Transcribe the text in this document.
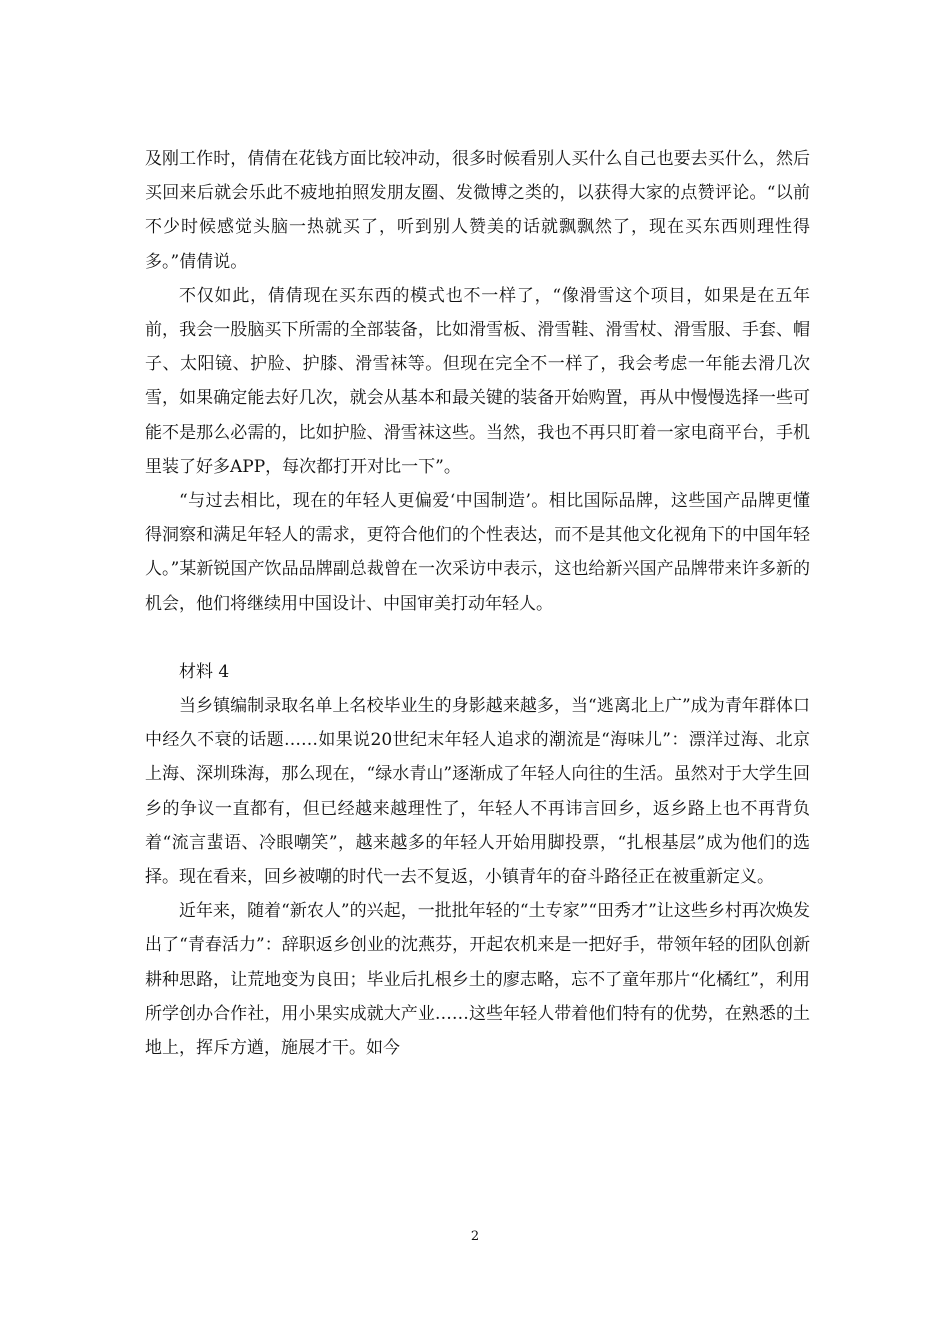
及刚工作时，倩倩在花钱方面比较冲动，很多时候看别人买什么自己也要去买什么，然后买回来后就会乐此不疲地拍照发朋友圈、发微博之类的，以获得大家的点赞评论。“以前不少时候感觉头脑一热就买了，听到别人赞美的话就飘飘然了，现在买东西则理性得多。”倩倩说。

不仅如此，倩倩现在买东西的模式也不一样了，“像滑雪这个项目，如果是在五年前，我会一股脑买下所需的全部装备，比如滑雪板、滑雪鞋、滑雪杖、滑雪服、手套、帽子、太阳镜、护脸、护膝、滑雪袜等。但现在完全不一样了，我会考虑一年能去滑几次雪，如果确定能去好几次，就会从基本和最关键的装备开始购置，再从中慢慢选择一些可能不是那么必需的，比如护脸、滑雪袜这些。当然，我也不再只盯着一家电商平台，手机里装了好多APP，每次都打开对比一下”。

“与过去相比，现在的年轻人更偏爱‘中国制造’。相比国际品牌，这些国产品牌更懂得洞察和满足年轻人的需求，更符合他们的个性表达，而不是其他文化视角下的中国年轻人。”某新锐国产饮品品牌副总裁曾在一次采访中表示，这也给新兴国产品牌带来许多新的机会，他们将继续用中国设计、中国审美打动年轻人。

材料 4

当乡镇编制录取名单上名校毕业生的身影越来越多，当“逃离北上广”成为青年群体口中经久不衰的话题……如果说20世纪末年轻人追求的潮流是“海味儿”：漂洋过海、北京上海、深圳珠海，那么现在，“绿水青山”逐渐成了年轻人向往的生活。虽然对于大学生回乡的争议一直都有，但已经越来越理性了，年轻人不再讳言回乡，返乡路上也不再背负着“流言蜚语、冷眼嘲笑”，越来越多的年轻人开始用脚投票，“扎根基层”成为他们的选择。现在看来，回乡被嘲的时代一去不复返，小镇青年的奋斗路径正在被重新定义。

近年来，随着“新农人”的兴起，一批批年轻的“土专家”“田秀才”让这些乡村再次焕发出了“青春活力”：辞职返乡创业的沈燕芬，开起农机来是一把好手，带领年轻的团队创新耕种思路，让荒地变为良田；毕业后扎根乡土的廖志略，忘不了童年那片“化橘红”，利用所学创办合作社，用小果实成就大产业……这些年轻人带着他们特有的优势，在熟悉的土地上，挥斥方遒，施展才干。如今

2
